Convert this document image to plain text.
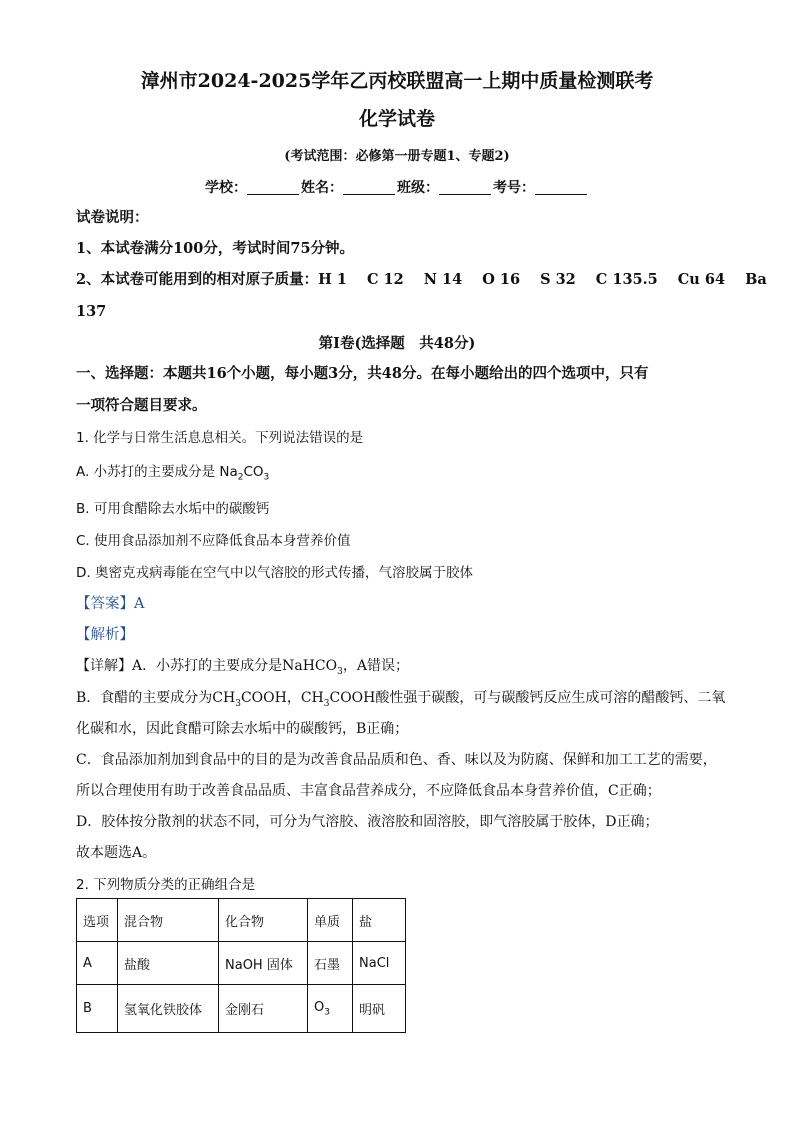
漳州市2024-2025学年乙丙校联盟高一上期中质量检测联考
化学试卷
(考试范围：必修第一册专题1、专题2)
学校：	姓名：	班级：	考号：
试卷说明：
1、本试卷满分100分，考试时间75分钟。
2、本试卷可能用到的相对原子质量：H 1 C 12 N 14 O 16 S 32 C 135.5 Cu 64 Ba
137
第Ⅰ卷(选择题　共48分)
一、选择题：本题共16个小题，每小题3分，共48分。在每小题给出的四个选项中，只有
一项符合题目要求。
1. 化学与日常生活息息相关。下列说法错误的是
A. 小苏打的主要成分是 $Na_2CO_3$
B. 可用食醋除去水垢中的碳酸钙
C. 使用食品添加剂不应降低食品本身营养价值
D. 奥密克戎病毒能在空气中以气溶胶的形式传播，气溶胶属于胶体
【答案】A
【解析】
【详解】A．小苏打的主要成分是NaHCO$_3$，A错误；
B．食醋的主要成分为$CH_3COOH$，$CH_3COOH$酸性强于碳酸，可与碳酸钙反应生成可溶的醋酸钙、二氧
化碳和水，因此食醋可除去水垢中的碳酸钙，B正确；
C．食品添加剂加到食品中的目的是为改善食品品质和色、香、味以及为防腐、保鲜和加工工艺的需要，
所以合理使用有助于改善食品品质、丰富食品营养成分，不应降低食品本身营养价值，C正确；
D．胶体按分散剂的状态不同，可分为气溶胶、液溶胶和固溶胶，即气溶胶属于胶体，D正确；
故本题选A。
2. 下列物质分类的正确组合是
选项	混合物	化合物	单质	盐
A	盐酸	NaOH 固体	石墨	NaCl
B	氢氧化铁胶体	金刚石	$O_3$	明矾
